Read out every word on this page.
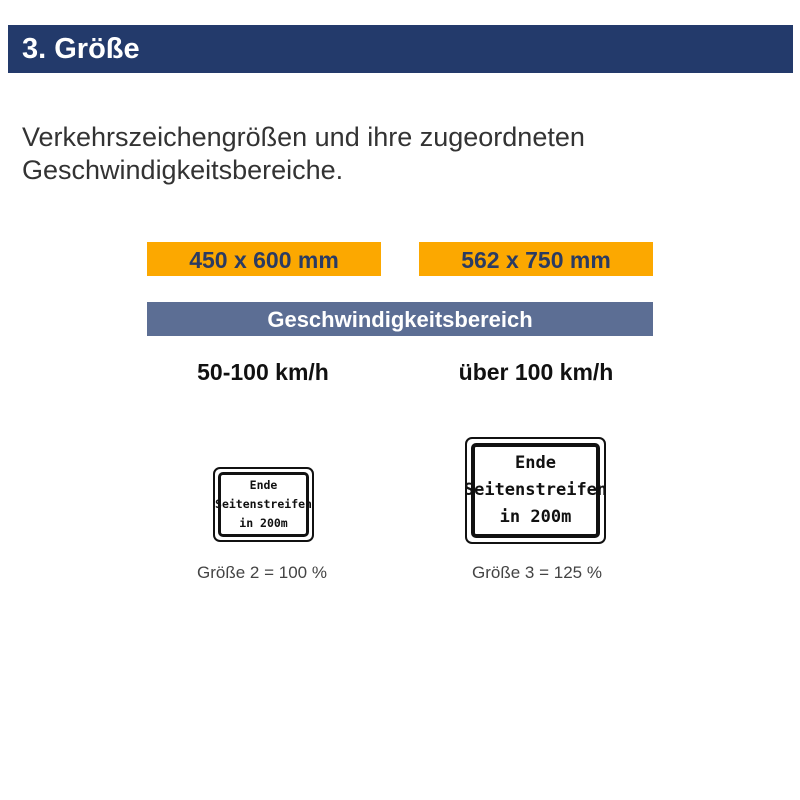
3. Größe
Verkehrszeichengrößen und ihre zugeordneten
Geschwindigkeitsbereiche.
450 x 600 mm	562 x 750 mm
Geschwindigkeitsbereich
50-100 km/h	über 100 km/h
Ende
Seitenstreifen
in 200m
Ende
Seitenstreifen
in 200m
Größe 2 = 100 %	Größe 3 = 125 %
